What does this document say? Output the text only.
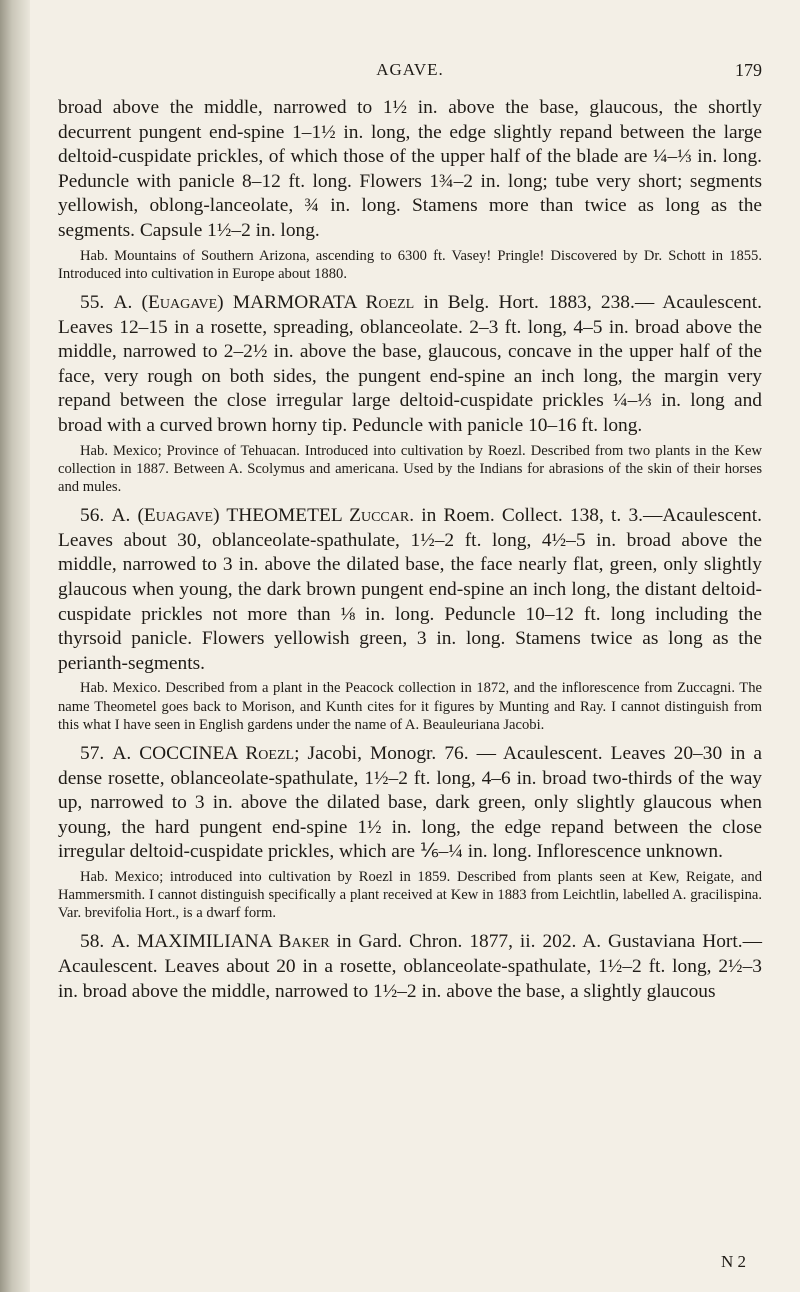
AGAVE.	179

broad above the middle, narrowed to 1½ in. above the base, glaucous, the shortly decurrent pungent end-spine 1–1½ in. long, the edge slightly repand between the large deltoid-cuspidate prickles, of which those of the upper half of the blade are ¼–⅓ in. long. Peduncle with panicle 8–12 ft. long. Flowers 1¾–2 in. long; tube very short; segments yellowish, oblong-lanceolate, ¾ in. long. Stamens more than twice as long as the segments. Capsule 1½–2 in. long.

Hab. Mountains of Southern Arizona, ascending to 6300 ft. Vasey! Pringle! Discovered by Dr. Schott in 1855. Introduced into cultivation in Europe about 1880.

55. A. (Euagave) MARMORATA Roezl in Belg. Hort. 1883, 238.— Acaulescent. Leaves 12–15 in a rosette, spreading, oblanceolate. 2–3 ft. long, 4–5 in. broad above the middle, narrowed to 2–2½ in. above the base, glaucous, concave in the upper half of the face, very rough on both sides, the pungent end-spine an inch long, the margin very repand between the close irregular large deltoid-cuspidate prickles ¼–⅓ in. long and broad with a curved brown horny tip. Peduncle with panicle 10–16 ft. long.

Hab. Mexico; Province of Tehuacan. Introduced into cultivation by Roezl. Described from two plants in the Kew collection in 1887. Between A. Scolymus and americana. Used by the Indians for abrasions of the skin of their horses and mules.

56. A. (Euagave) THEOMETEL Zuccar. in Roem. Collect. 138, t. 3.—Acaulescent. Leaves about 30, oblanceolate-spathulate, 1½–2 ft. long, 4½–5 in. broad above the middle, narrowed to 3 in. above the dilated base, the face nearly flat, green, only slightly glaucous when young, the dark brown pungent end-spine an inch long, the distant deltoid-cuspidate prickles not more than ⅛ in. long. Peduncle 10–12 ft. long including the thyrsoid panicle. Flowers yellowish green, 3 in. long. Stamens twice as long as the perianth-segments.

Hab. Mexico. Described from a plant in the Peacock collection in 1872, and the inflorescence from Zuccagni. The name Theometel goes back to Morison, and Kunth cites for it figures by Munting and Ray. I cannot distinguish from this what I have seen in English gardens under the name of A. Beauleuriana Jacobi.

57. A. COCCINEA Roezl; Jacobi, Monogr. 76. — Acaulescent. Leaves 20–30 in a dense rosette, oblanceolate-spathulate, 1½–2 ft. long, 4–6 in. broad two-thirds of the way up, narrowed to 3 in. above the dilated base, dark green, only slightly glaucous when young, the hard pungent end-spine 1½ in. long, the edge repand between the close irregular deltoid-cuspidate prickles, which are ⅙–¼ in. long. Inflorescence unknown.

Hab. Mexico; introduced into cultivation by Roezl in 1859. Described from plants seen at Kew, Reigate, and Hammersmith. I cannot distinguish specifically a plant received at Kew in 1883 from Leichtlin, labelled A. gracilispina. Var. brevifolia Hort., is a dwarf form.

58. A. MAXIMILIANA Baker in Gard. Chron. 1877, ii. 202. A. Gustaviana Hort.—Acaulescent. Leaves about 20 in a rosette, oblanceolate-spathulate, 1½–2 ft. long, 2½–3 in. broad above the middle, narrowed to 1½–2 in. above the base, a slightly glaucous

N 2
